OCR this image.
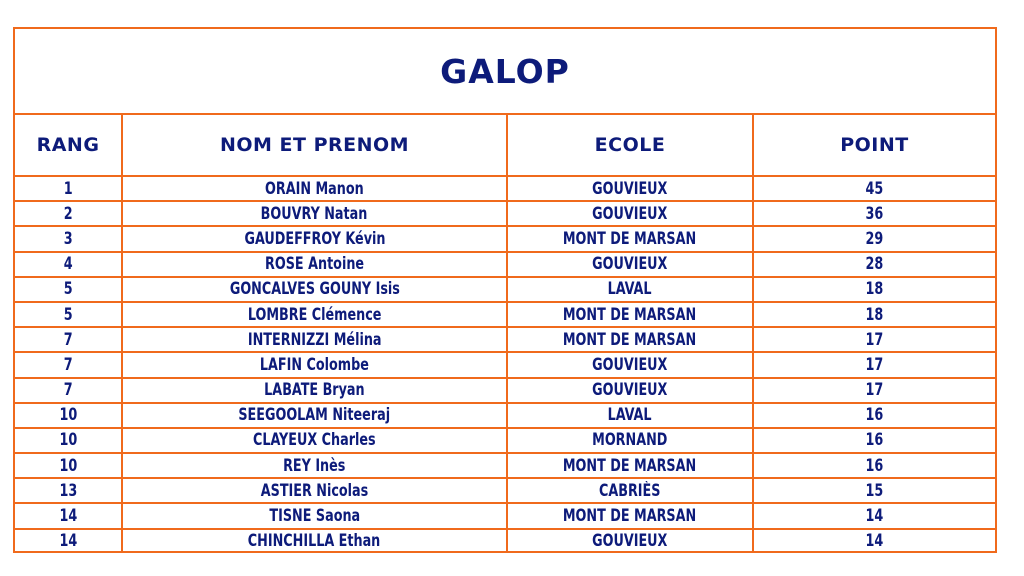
GALOP
RANG	NOM ET PRENOM	ECOLE	POINT
1	ORAIN Manon	GOUVIEUX	45
2	BOUVRY Natan	GOUVIEUX	36
3	GAUDEFFROY Kévin	MONT DE MARSAN	29
4	ROSE Antoine	GOUVIEUX	28
5	GONCALVES GOUNY Isis	LAVAL	18
5	LOMBRE Clémence	MONT DE MARSAN	18
7	INTERNIZZI Mélina	MONT DE MARSAN	17
7	LAFIN Colombe	GOUVIEUX	17
7	LABATE Bryan	GOUVIEUX	17
10	SEEGOOLAM Niteeraj	LAVAL	16
10	CLAYEUX Charles	MORNAND	16
10	REY Inès	MONT DE MARSAN	16
13	ASTIER Nicolas	CABRIÈS	15
14	TISNE Saona	MONT DE MARSAN	14
14	CHINCHILLA Ethan	GOUVIEUX	14
